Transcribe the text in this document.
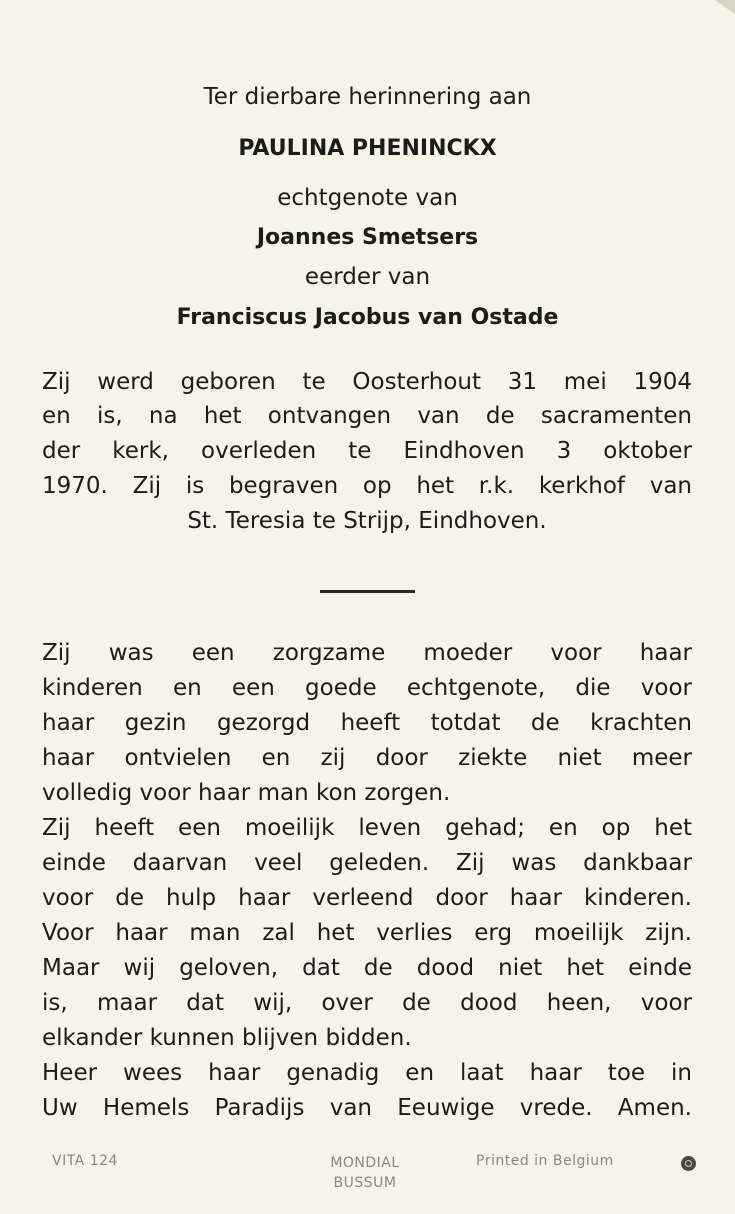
Ter dierbare herinnering aan
PAULINA PHENINCKX
echtgenote van
Joannes Smetsers
eerder van
Franciscus Jacobus van Ostade
Zij werd geboren te Oosterhout 31 mei 1904
en is, na het ontvangen van de sacramenten
der kerk, overleden te Eindhoven 3 oktober
1970. Zij is begraven op het r.k. kerkhof van
St. Teresia te Strijp, Eindhoven.
Zij was een zorgzame moeder voor haar
kinderen en een goede echtgenote, die voor
haar gezin gezorgd heeft totdat de krachten
haar ontvielen en zij door ziekte niet meer
volledig voor haar man kon zorgen.
Zij heeft een moeilijk leven gehad; en op het
einde daarvan veel geleden. Zij was dankbaar
voor de hulp haar verleend door haar kinderen.
Voor haar man zal het verlies erg moeilijk zijn.
Maar wij geloven, dat de dood niet het einde
is, maar dat wij, over de dood heen, voor
elkander kunnen blijven bidden.
Heer wees haar genadig en laat haar toe in
Uw Hemels Paradijs van Eeuwige vrede. Amen.
VITA 124	MONDIAL
BUSSUM
Printed in Belgium
